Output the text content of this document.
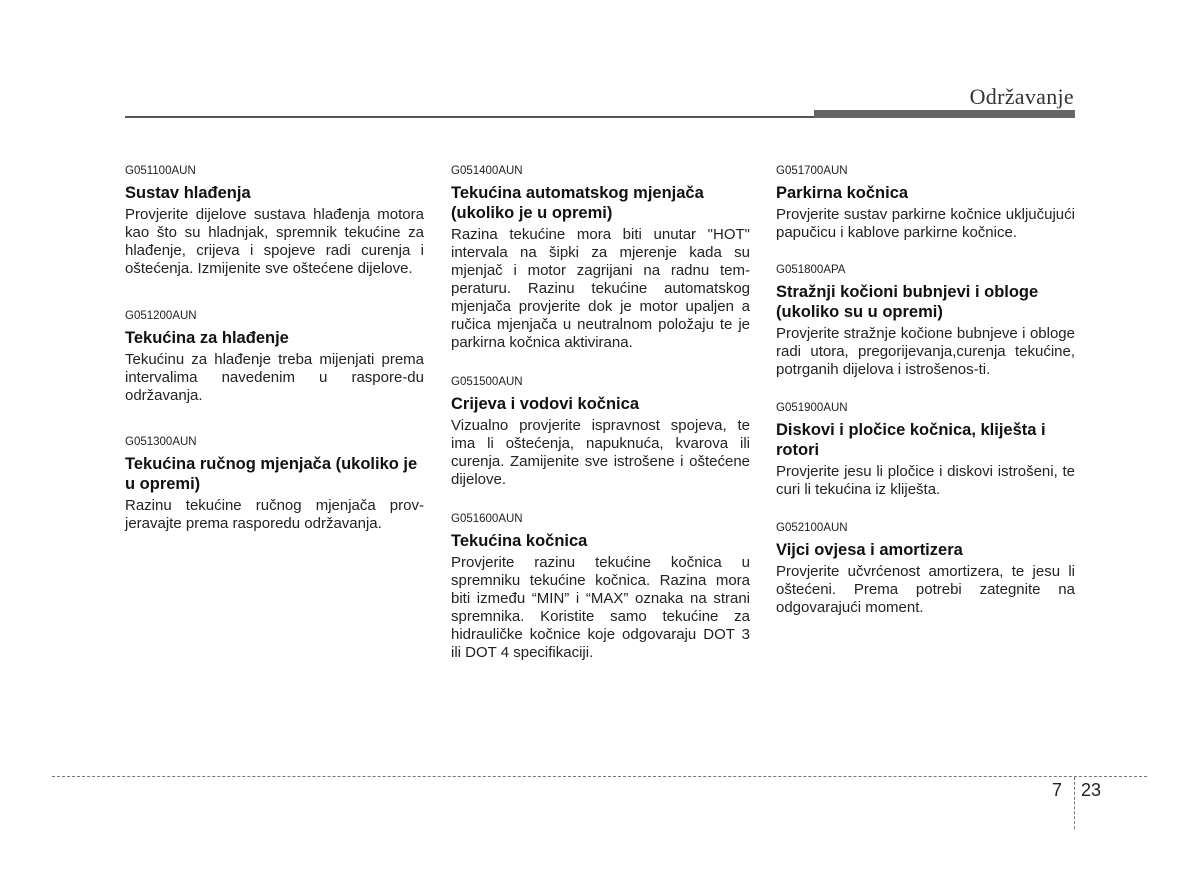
Održavanje

G051100AUN

Sustav hlađenja

Provjerite dijelove sustava hlađenja motora kao što su hladnjak, spremnik tekućine za hlađenje, crijeva i spojeve radi curenja i oštećenja. Izmijenite sve oštećene dijelove.

G051200AUN

Tekućina za hlađenje

Tekućinu za hlađenje treba mijenjati prema intervalima navedenim u raspore-du održavanja.

G051300AUN

Tekućina ručnog mjenjača (ukoliko je u opremi)

Razinu tekućine ručnog mjenjača prov-jeravajte prema rasporedu održavanja.

G051400AUN

Tekućina automatskog mjenjača (ukoliko je u opremi)

Razina tekućine mora biti unutar "HOT" intervala na šipki za mjerenje kada su mjenjač i motor zagrijani na radnu tem-peraturu. Razinu tekućine automatskog mjenjača provjerite dok je motor upaljen a ručica mjenjača u neutralnom položaju te je parkirna kočnica aktivirana.

G051500AUN

Crijeva i vodovi kočnica

Vizualno provjerite ispravnost spojeva, te ima li oštećenja, napuknuća, kvarova ili curenja. Zamijenite sve istrošene i oštećene dijelove.

G051600AUN

Tekućina kočnica

Provjerite razinu tekućine kočnica u spremniku tekućine kočnica. Razina mora biti između “MIN” i “MAX” oznaka na strani spremnika. Koristite samo tekućine za hidrauličke kočnice koje odgovaraju DOT 3 ili DOT 4 specifikaciji.

G051700AUN

Parkirna kočnica

Provjerite sustav parkirne kočnice uključujući papučicu i kablove parkirne kočnice.

G051800APA

Stražnji kočioni bubnjevi i obloge (ukoliko su u opremi)

Provjerite stražnje kočione bubnjeve i obloge radi utora, pregorijevanja,curenja tekućine, potrganih dijelova i istrošenos-ti.

G051900AUN

Diskovi i pločice kočnica, kliješta i rotori

Provjerite jesu li pločice i diskovi istrošeni, te curi li tekućina iz kliješta.

G052100AUN

Vijci ovjesa i amortizera

Provjerite učvrćenost amortizera, te jesu li oštećeni. Prema potrebi zategnite na odgovarajući moment.

7 23
